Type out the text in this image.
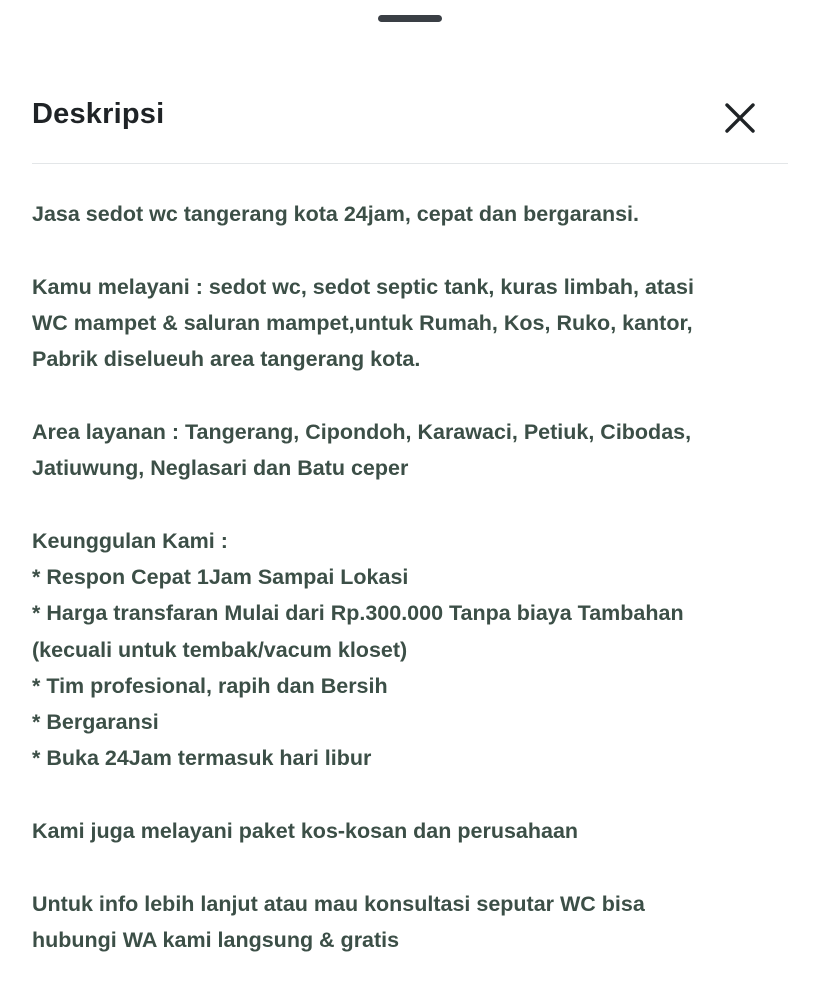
Deskripsi

Jasa sedot wc tangerang kota 24jam, cepat dan bergaransi.

Kamu melayani : sedot wc, sedot septic tank, kuras limbah, atasi
WC mampet & saluran mampet,untuk Rumah, Kos, Ruko, kantor,
Pabrik diselueuh area tangerang kota.

Area layanan : Tangerang, Cipondoh, Karawaci, Petiuk, Cibodas,
Jatiuwung, Neglasari dan Batu ceper

Keunggulan Kami :
* Respon Cepat 1Jam Sampai Lokasi
* Harga transfaran Mulai dari Rp.300.000 Tanpa biaya Tambahan
(kecuali untuk tembak/vacum kloset)
* Tim profesional, rapih dan Bersih
* Bergaransi
* Buka 24Jam termasuk hari libur

Kami juga melayani paket kos-kosan dan perusahaan

Untuk info lebih lanjut atau mau konsultasi seputar WC bisa
hubungi WA kami langsung & gratis
